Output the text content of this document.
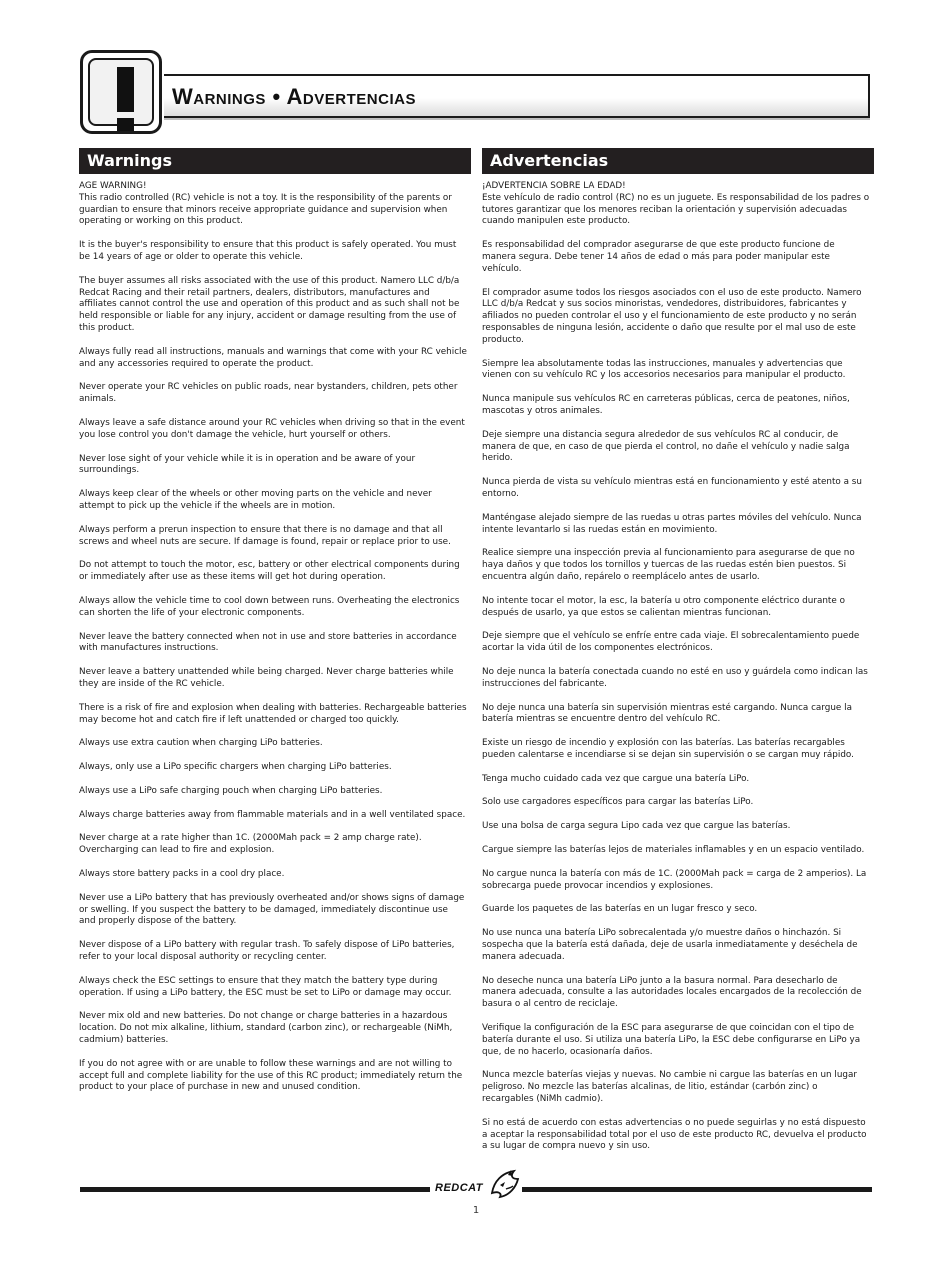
Warnings • Advertencias
Warnings

AGE WARNING!

This radio controlled (RC) vehicle is not a toy. It is the responsibility of the parents or guardian to ensure that minors receive appropriate guidance and supervision when operating or working on this product.

It is the buyer's responsibility to ensure that this product is safely operated. You must be 14 years of age or older to operate this vehicle.

The buyer assumes all risks associated with the use of this product. Namero LLC d/b/a Redcat Racing and their retail partners, dealers, distributors, manufactures and affiliates cannot control the use and operation of this product and as such shall not be held responsible or liable for any injury, accident or damage resulting from the use of this product.

Always fully read all instructions, manuals and warnings that come with your RC vehicle and any accessories required to operate the product.

Never operate your RC vehicles on public roads, near bystanders, children, pets other animals.

Always leave a safe distance around your RC vehicles when driving so that in the event you lose control you don't damage the vehicle, hurt yourself or others.

Never lose sight of your vehicle while it is in operation and be aware of your surroundings.

Always keep clear of the wheels or other moving parts on the vehicle and never attempt to pick up the vehicle if the wheels are in motion.

Always perform a prerun inspection to ensure that there is no damage and that all screws and wheel nuts are secure. If damage is found, repair or replace prior to use.

Do not attempt to touch the motor, esc, battery or other electrical components during or immediately after use as these items will get hot during operation.

Always allow the vehicle time to cool down between runs. Overheating the electronics can shorten the life of your electronic components.

Never leave the battery connected when not in use and store batteries in accordance with manufactures instructions.

Never leave a battery unattended while being charged. Never charge batteries while they are inside of the RC vehicle.

There is a risk of fire and explosion when dealing with batteries. Rechargeable batteries may become hot and catch fire if left unattended or charged too quickly.

Always use extra caution when charging LiPo batteries.

Always, only use a LiPo specific chargers when charging LiPo batteries.

Always use a LiPo safe charging pouch when charging LiPo batteries.

Always charge batteries away from flammable materials and in a well ventilated space.

Never charge at a rate higher than 1C. (2000Mah pack = 2 amp charge rate). Overcharging can lead to fire and explosion.

Always store battery packs in a cool dry place.

Never use a LiPo battery that has previously overheated and/or shows signs of damage or swelling. If you suspect the battery to be damaged, immediately discontinue use and properly dispose of the battery.

Never dispose of a LiPo battery with regular trash. To safely dispose of LiPo batteries, refer to your local disposal authority or recycling center.

Always check the ESC settings to ensure that they match the battery type during operation. If using a LiPo battery, the ESC must be set to LiPo or damage may occur.

Never mix old and new batteries. Do not change or charge batteries in a hazardous location. Do not mix alkaline, lithium, standard (carbon zinc), or rechargeable (NiMh, cadmium) batteries.

If you do not agree with or are unable to follow these warnings and are not willing to accept full and complete liability for the use of this RC product; immediately return the product to your place of purchase in new and unused condition.

Advertencias

¡ADVERTENCIA SOBRE LA EDAD!

Este vehículo de radio control (RC) no es un juguete. Es responsabilidad de los padres o tutores garantizar que los menores reciban la orientación y supervisión adecuadas cuando manipulen este producto.

Es responsabilidad del comprador asegurarse de que este producto funcione de manera segura. Debe tener 14 años de edad o más para poder manipular este vehículo.

El comprador asume todos los riesgos asociados con el uso de este producto. Namero LLC d/b/a Redcat y sus socios minoristas, vendedores, distribuidores, fabricantes y afiliados no pueden controlar el uso y el funcionamiento de este producto y no serán responsables de ninguna lesión, accidente o daño que resulte por el mal uso de este producto.

Siempre lea absolutamente todas las instrucciones, manuales y advertencias que vienen con su vehículo RC y los accesorios necesarios para manipular el producto.

Nunca manipule sus vehículos RC en carreteras públicas, cerca de peatones, niños, mascotas y otros animales.

Deje siempre una distancia segura alrededor de sus vehículos RC al conducir, de manera de que, en caso de que pierda el control, no dañe el vehículo y nadie salga herido.

Nunca pierda de vista su vehículo mientras está en funcionamiento y esté atento a su entorno.

Manténgase alejado siempre de las ruedas u otras partes móviles del vehículo. Nunca intente levantarlo si las ruedas están en movimiento.

Realice siempre una inspección previa al funcionamiento para asegurarse de que no haya daños y que todos los tornillos y tuercas de las ruedas estén bien puestos. Si encuentra algún daño, repárelo o reemplácelo antes de usarlo.

No intente tocar el motor, la esc, la batería u otro componente eléctrico durante o después de usarlo, ya que estos se calientan mientras funcionan.

Deje siempre que el vehículo se enfríe entre cada viaje. El sobrecalentamiento puede acortar la vida útil de los componentes electrónicos.

No deje nunca la batería conectada cuando no esté en uso y guárdela como indican las instrucciones del fabricante.

No deje nunca una batería sin supervisión mientras esté cargando. Nunca cargue la batería mientras se encuentre dentro del vehículo RC.

Existe un riesgo de incendio y explosión con las baterías. Las baterías recargables pueden calentarse e incendiarse si se dejan sin supervisión o se cargan muy rápido.

Tenga mucho cuidado cada vez que cargue una batería LiPo.

Solo use cargadores específicos para cargar las baterías LiPo.

Use una bolsa de carga segura Lipo cada vez que cargue las baterías.

Cargue siempre las baterías lejos de materiales inflamables y en un espacio ventilado.

No cargue nunca la batería con más de 1C. (2000Mah pack = carga de 2 amperios). La sobrecarga puede provocar incendios y explosiones.

Guarde los paquetes de las baterías en un lugar fresco y seco.

No use nunca una batería LiPo sobrecalentada y/o muestre daños o hinchazón. Si sospecha que la batería está dañada, deje de usarla inmediatamente y deséchela de manera adecuada.

No deseche nunca una batería LiPo junto a la basura normal. Para desecharlo de manera adecuada, consulte a las autoridades locales encargados de la recolección de basura o al centro de reciclaje.

Verifique la configuración de la ESC para asegurarse de que coincidan con el tipo de batería durante el uso. Si utiliza una batería LiPo, la ESC debe configurarse en LiPo ya que, de no hacerlo, ocasionaría daños.

Nunca mezcle baterías viejas y nuevas. No cambie ni cargue las baterías en un lugar peligroso. No mezcle las baterías alcalinas, de litio, estándar (carbón zinc) o recargables (NiMh cadmio).

Si no está de acuerdo con estas advertencias o no puede seguirlas y no está dispuesto a aceptar la responsabilidad total por el uso de este producto RC, devuelva el producto a su lugar de compra nuevo y sin uso.

REDCAT
1
